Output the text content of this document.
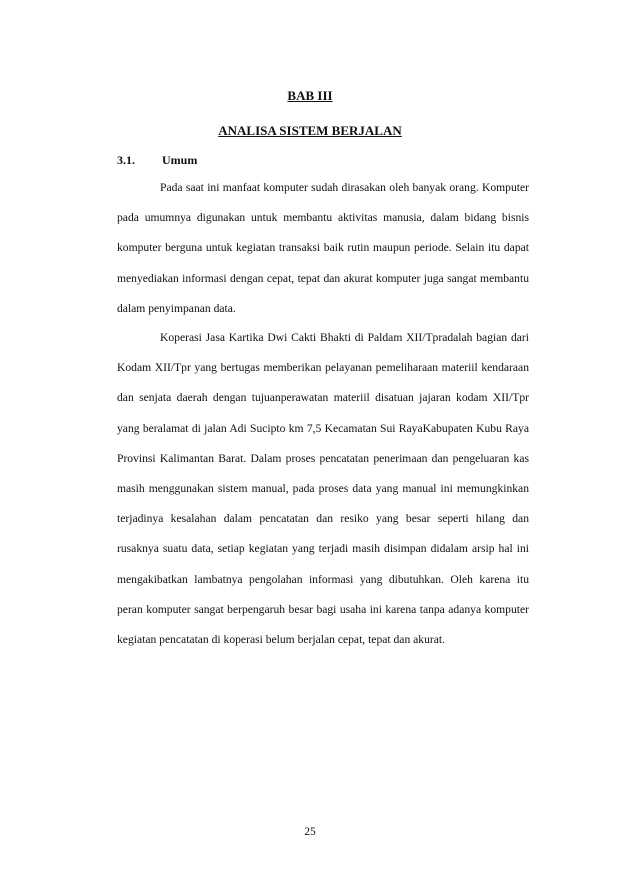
BAB III
ANALISA SISTEM BERJALAN
3.1. Umum

Pada saat ini manfaat komputer sudah dirasakan oleh banyak orang. Komputer pada umumnya digunakan untuk membantu aktivitas manusia, dalam bidang bisnis komputer berguna untuk kegiatan transaksi baik rutin maupun periode. Selain itu dapat menyediakan informasi dengan cepat, tepat dan akurat komputer juga sangat membantu dalam penyimpanan data.

Koperasi Jasa Kartika Dwi Cakti Bhakti di Paldam XII/Tpradalah bagian dari Kodam XII/Tpr yang bertugas memberikan pelayanan pemeliharaan materiil kendaraan dan senjata daerah dengan tujuanperawatan materiil disatuan jajaran kodam XII/Tpr yang beralamat di jalan Adi Sucipto km 7,5 Kecamatan Sui RayaKabupaten Kubu Raya Provinsi Kalimantan Barat. Dalam proses pencatatan penerimaan dan pengeluaran kas masih menggunakan sistem manual, pada proses data yang manual ini memungkinkan terjadinya kesalahan dalam pencatatan dan resiko yang besar seperti hilang dan rusaknya suatu data, setiap kegiatan yang terjadi masih disimpan didalam arsip hal ini mengakibatkan lambatnya pengolahan informasi yang dibutuhkan. Oleh karena itu peran komputer sangat berpengaruh besar bagi usaha ini karena tanpa adanya komputer kegiatan pencatatan di koperasi belum berjalan cepat, tepat dan akurat.

25
